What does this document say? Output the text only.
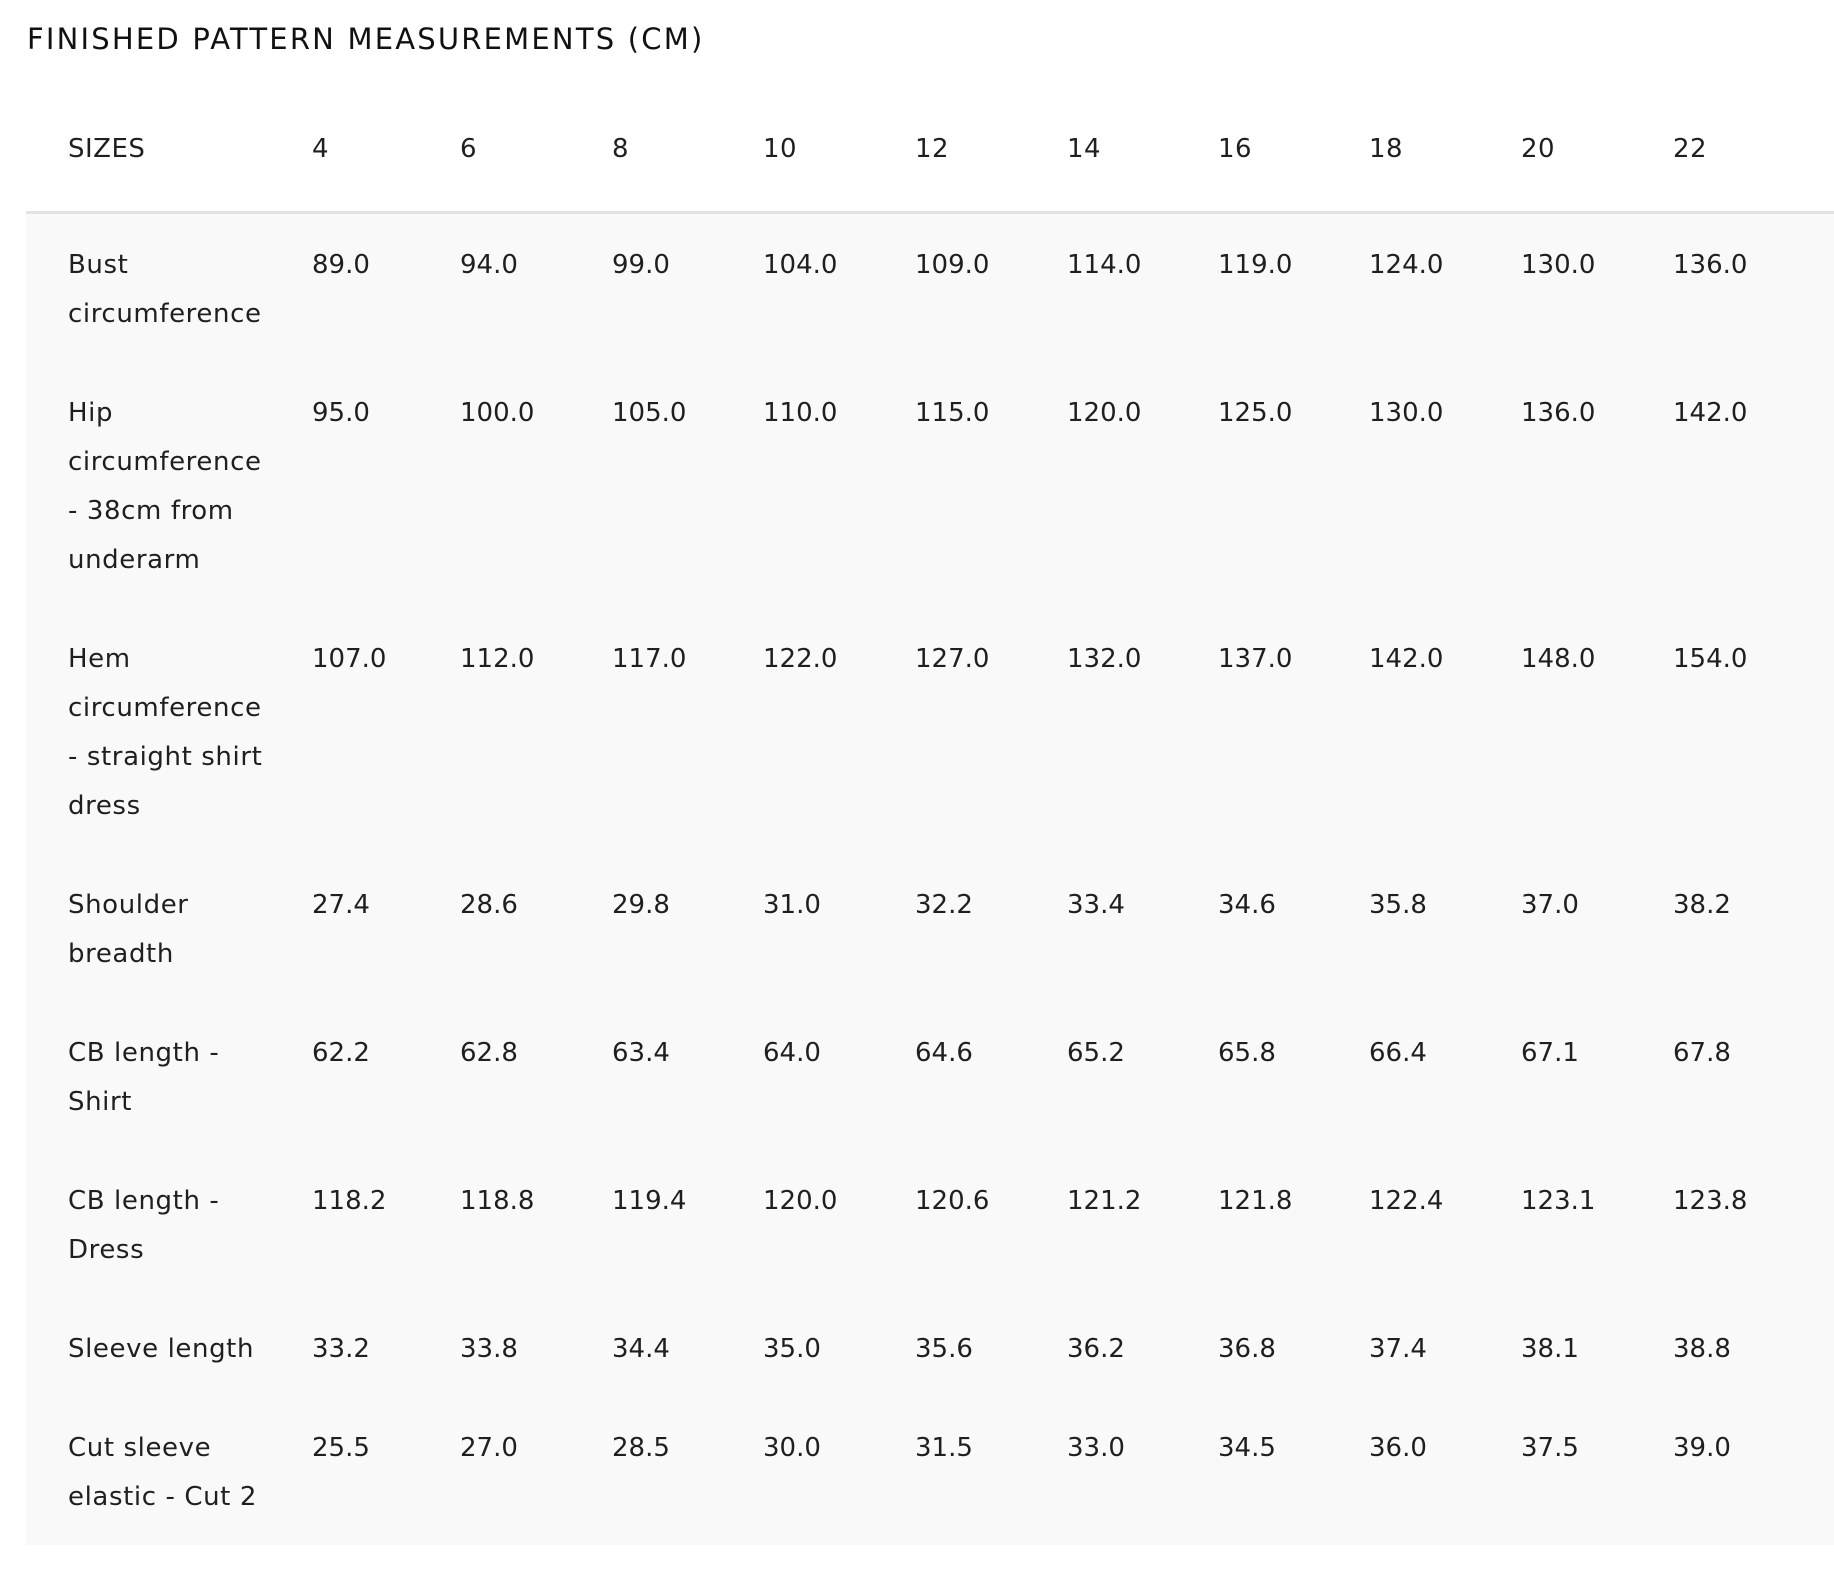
FINISHED PATTERN MEASUREMENTS (CM)
SIZES	4	6	8	10	12	14	16	18	20	22
Bust circumference	89.0	94.0	99.0	104.0	109.0	114.0	119.0	124.0	130.0	136.0
Hip circumference - 38cm from underarm	95.0	100.0	105.0	110.0	115.0	120.0	125.0	130.0	136.0	142.0
Hem circumference - straight shirt dress	107.0	112.0	117.0	122.0	127.0	132.0	137.0	142.0	148.0	154.0
Shoulder breadth	27.4	28.6	29.8	31.0	32.2	33.4	34.6	35.8	37.0	38.2
CB length - Shirt	62.2	62.8	63.4	64.0	64.6	65.2	65.8	66.4	67.1	67.8
CB length - Dress	118.2	118.8	119.4	120.0	120.6	121.2	121.8	122.4	123.1	123.8
Sleeve length	33.2	33.8	34.4	35.0	35.6	36.2	36.8	37.4	38.1	38.8
Cut sleeve elastic - Cut 2	25.5	27.0	28.5	30.0	31.5	33.0	34.5	36.0	37.5	39.0
